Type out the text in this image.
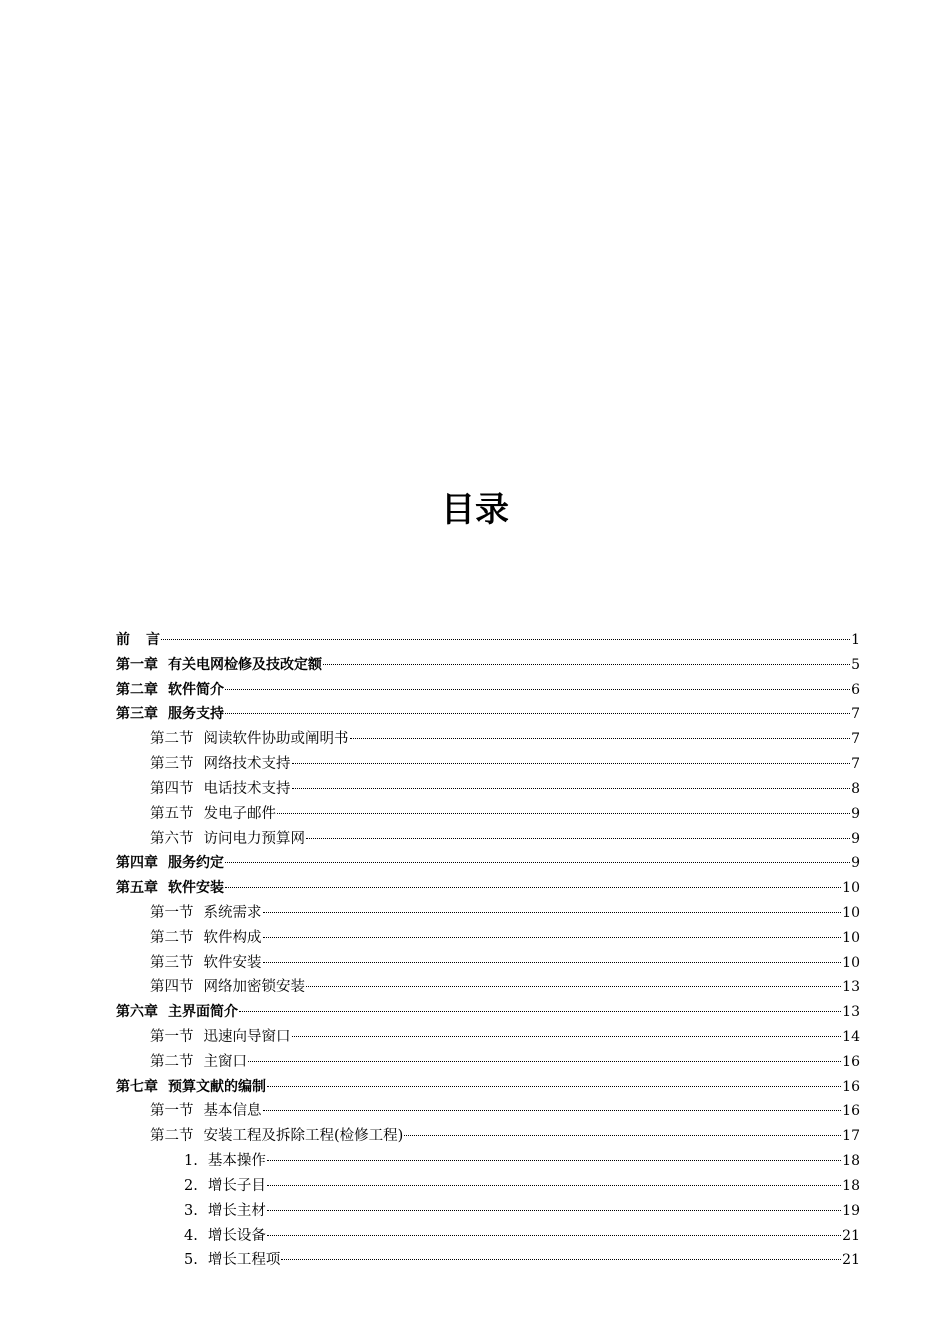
目录
前 言	1
第一章 有关电网检修及技改定额	5
第二章 软件简介	6
第三章 服务支持	7
第二节 阅读软件协助或阐明书	7
第三节 网络技术支持	7
第四节 电话技术支持	8
第五节 发电子邮件	9
第六节 访问电力预算网	9
第四章 服务约定	9
第五章 软件安装	10
第一节 系统需求	10
第二节 软件构成	10
第三节 软件安装	10
第四节 网络加密锁安装	13
第六章 主界面简介	13
第一节 迅速向导窗口	14
第二节 主窗口	16
第七章 预算文献的编制	16
第一节 基本信息	16
第二节 安装工程及拆除工程(检修工程)	17
1. 基本操作	18
2. 增长子目	18
3. 增长主材	19
4. 增长设备	21
5. 增长工程项	21
